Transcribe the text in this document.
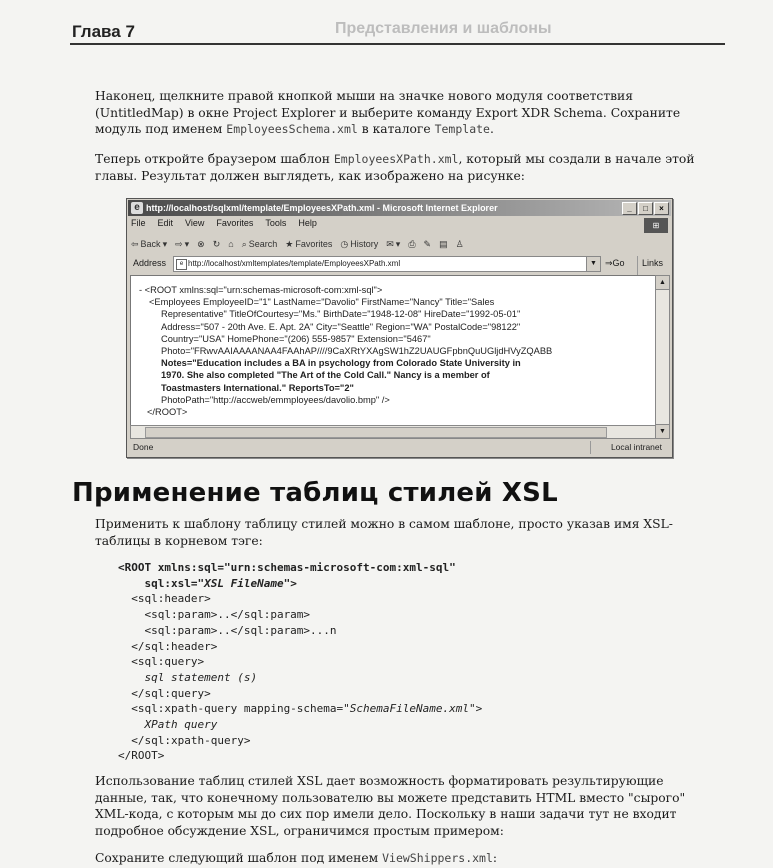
Глава 7	Представления и шаблоны

Наконец, щелкните правой кнопкой мыши на значке нового модуля соответствия (UntitledMap) в окне Project Explorer и выберите команду Export XDR Schema. Сохраните модуль под именем EmployeesSchema.xml в каталоге Template.

Теперь откройте браузером шаблон EmployeesXPath.xml, который мы создали в начале этой главы. Результат должен выглядеть, как изображено на рисунке:

e http://localhost/sqlxml/template/EmployeesXPath.xml - Microsoft Internet Explorer	_	□	×
File Edit View Favorites Tools Help	⊞
⇦ Back ▾ ⇨ ▾ ⊗ ↻ ⌂ ⌕ Search ★ Favorites ◷ History ✉ ▾ ⎙ ✎ ▤ ♙
Address	e http://localhost/xmltemplates/template/EmployeesXPath.xml	▼ ⇒Go	Links
- <ROOT xmlns:sql="urn:schemas-microsoft-com:xml-sql">
<Employees EmployeeID="1" LastName="Davolio" FirstName="Nancy" Title="Sales
Representative" TitleOfCourtesy="Ms." BirthDate="1948-12-08" HireDate="1992-05-01"
Address="507 - 20th Ave. E. Apt. 2A" City="Seattle" Region="WA" PostalCode="98122"
Country="USA" HomePhone="(206) 555-9857" Extension="5467"
Photo="FRwvAAIAAAANAA4FAAhAP////9CaXRtYXAgSW1hZ2UAUGFpbnQuUGljdHVyZQABB
Notes="Education includes a BA in psychology from Colorado State University in
1970. She also completed "The Art of the Cold Call." Nancy is a member of
Toastmasters International." ReportsTo="2"
PhotoPath="http://accweb/emmployees/davolio.bmp" />
</ROOT>
▲
▼
Done	Local intranet
Применение таблиц стилей XSL

Применить к шаблону таблицу стилей можно в самом шаблоне, просто указав имя XSL-таблицы в корневом тэге:

<ROOT xmlns:sql="urn:schemas-microsoft-com:xml-sql"
sql:xsl="XSL FileName">
<sql:header>
<sql:param>..</sql:param>
<sql:param>..</sql:param>...n
</sql:header>
<sql:query>
sql statement (s)
</sql:query>
<sql:xpath-query mapping-schema="SchemaFileName.xml">
XPath query
</sql:xpath-query>
</ROOT>

Использование таблиц стилей XSL дает возможность форматировать результирующие данные, так, что конечному пользователю вы можете представить HTML вместо "сырого" XML-кода, с которым мы до сих пор имели дело. Поскольку в наши задачи тут не входит подробное обсуждение XSL, ограничимся простым примером:

Сохраните следующий шаблон под именем ViewShippers.xml:
